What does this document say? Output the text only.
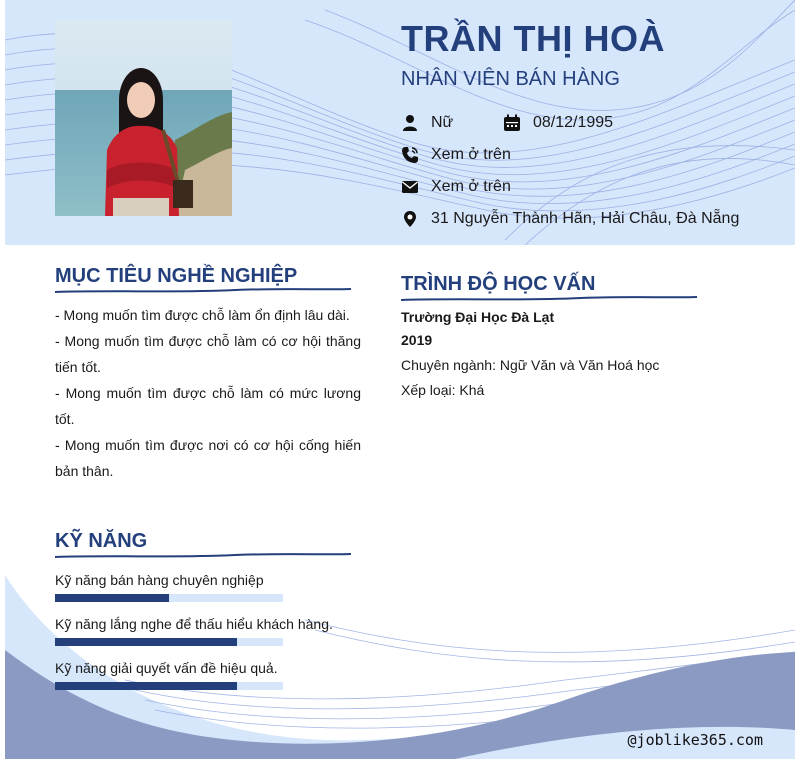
TRẦN THỊ HOÀ
NHÂN VIÊN BÁN HÀNG
Nữ	08/12/1995
Xem ở trên
Xem ở trên
31 Nguyễn Thành Hãn, Hải Châu, Đà Nẵng
MỤC TIÊU NGHỀ NGHIỆP

- Mong muốn tìm được chỗ làm ổn định lâu dài.

- Mong muốn tìm được chỗ làm có cơ hội thăng tiến tốt.

- Mong muốn tìm được chỗ làm có mức lương tốt.

- Mong muốn tìm được nơi có cơ hội cống hiến bản thân.

TRÌNH ĐỘ HỌC VẤN
Trường Đại Học Đà Lạt
2019
Chuyên ngành: Ngữ Văn và Văn Hoá học
Xếp loại: Khá
KỸ NĂNG
Kỹ năng bán hàng chuyên nghiệp
Kỹ năng lắng nghe để thấu hiểu khách hàng.
Kỹ năng giải quyết vấn đề hiệu quả.
@joblike365.com
